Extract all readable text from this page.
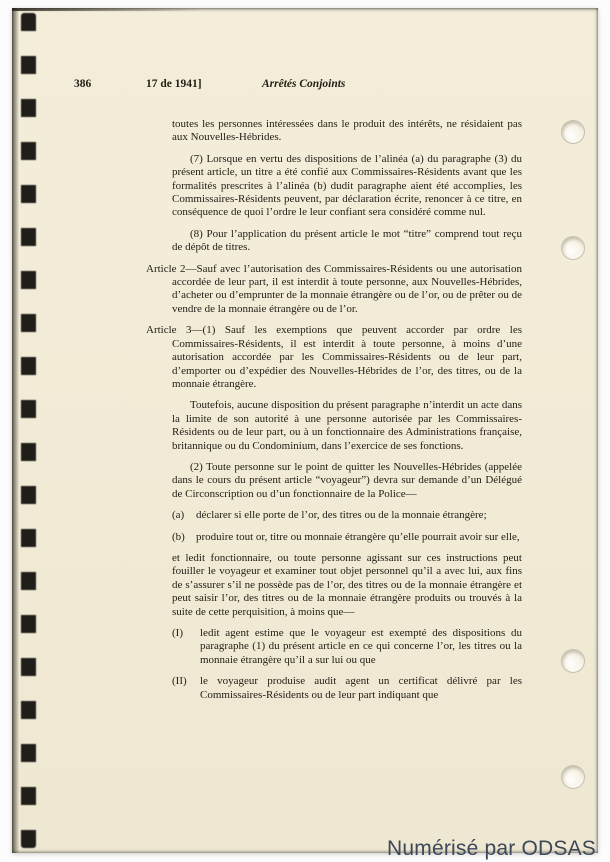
386	17 de 1941]	Arrêtés Conjoints

toutes les personnes intéressées dans le produit des intérêts, ne résidaient pas aux Nouvelles-Hébrides.

(7) Lorsque en vertu des dispositions de l’alinéa (a) du paragraphe (3) du présent article, un titre a été confié aux Commissaires-Résidents avant que les formalités prescrites à l’alinéa (b) dudit paragraphe aient été accomplies, les Commissaires-Résidents peuvent, par déclaration écrite, renoncer à ce titre, en conséquence de quoi l’ordre le leur confiant sera considéré comme nul.

(8) Pour l’application du présent article le mot “titre” comprend tout reçu de dépôt de titres.

Article 2—Sauf avec l’autorisation des Commissaires-Résidents ou une autorisation accordée de leur part, il est interdit à toute personne, aux Nouvelles-Hébrides, d’acheter ou d’emprunter de la monnaie étrangère ou de l’or, ou de prêter ou de vendre de la monnaie étrangère ou de l’or.

Article 3—(1) Sauf les exemptions que peuvent accorder par ordre les Commissaires-Résidents, il est interdit à toute personne, à moins d’une autorisation accordée par les Commissaires-Résidents ou de leur part, d’emporter ou d’expédier des Nouvelles-Hébrides de l’or, des titres, ou de la monnaie étrangère.

Toutefois, aucune disposition du présent paragraphe n’interdit un acte dans la limite de son autorité à une personne autorisée par les Commissaires-Résidents ou de leur part, ou à un fonctionnaire des Administrations française, britannique ou du Condominium, dans l’exercice de ses fonctions.

(2) Toute personne sur le point de quitter les Nouvelles-Hébrides (appelée dans le cours du présent article “voyageur”) devra sur demande d’un Délégué de Circonscription ou d’un fonctionnaire de la Police—

(a)	déclarer si elle porte de l’or, des titres ou de la monnaie étrangère;
(b)	produire tout or, titre ou monnaie étrangère qu’elle pourrait avoir sur elle,

et ledit fonctionnaire, ou toute personne agissant sur ces instructions peut fouiller le voyageur et examiner tout objet personnel qu’il a avec lui, aux fins de s’assurer s’il ne possède pas de l’or, des titres ou de la monnaie étrangère et peut saisir l’or, des titres ou de la monnaie étrangère produits ou trouvés à la suite de cette perquisition, à moins que—

(I)	ledit agent estime que le voyageur est exempté des dispositions du paragraphe (1) du présent article en ce qui concerne l’or, les titres ou la monnaie étrangère qu’il a sur lui ou que
(II)	le voyageur produise audit agent un certificat délivré par les Commissaires-Résidents ou de leur part indiquant que
Numérisé par ODSAS
